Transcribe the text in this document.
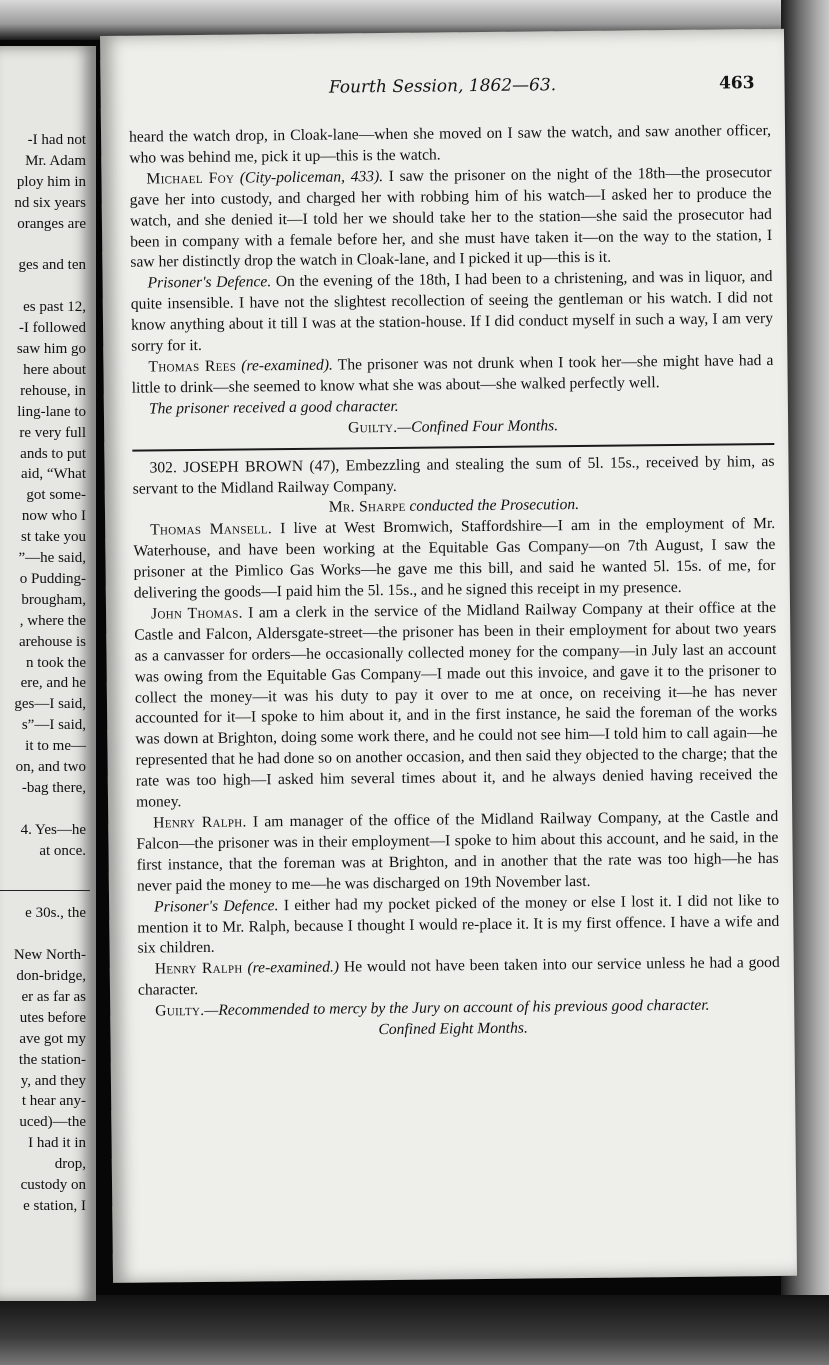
-I had not
Mr. Adam
ploy him in
nd six years
oranges are
ges and ten
es past 12,
-I followed
saw him go
here about
rehouse, in
ling-lane to
re very full
ands to put
aid, “What
got some-
now who I
st take you
”—he said,
o Pudding-
brougham,
, where the
arehouse is
n took the
ere, and he
ges—I said,
s”—I said,
it to me—
on, and two
-bag there,
4. Yes—he
at once.
e 30s., the
New North-
don-bridge,
er as far as
utes before
ave got my
the station-
y, and they
t hear any-
uced)—the
I had it in
drop,
custody on
e station, I
Fourth Session, 1862—63.	463

heard the watch drop, in Cloak-lane—when she moved on I saw the watch, and saw another officer, who was behind me, pick it up—this is the watch.

Michael Foy (City-policeman, 433). I saw the prisoner on the night of the 18th—the prosecutor gave her into custody, and charged her with robbing him of his watch—I asked her to produce the watch, and she denied it—I told her we should take her to the station—she said the prosecutor had been in company with a female before her, and she must have taken it—on the way to the station, I saw her distinctly drop the watch in Cloak-lane, and I picked it up—this is it.

Prisoner's Defence. On the evening of the 18th, I had been to a christening, and was in liquor, and quite insensible. I have not the slightest recollection of seeing the gentleman or his watch. I did not know anything about it till I was at the station-house. If I did conduct myself in such a way, I am very sorry for it.

Thomas Rees (re-examined). The prisoner was not drunk when I took her—she might have had a little to drink—she seemed to know what she was about—she walked perfectly well.

The prisoner received a good character.

Guilty.—Confined Four Months.

302. JOSEPH BROWN (47), Embezzling and stealing the sum of 5l. 15s., received by him, as servant to the Midland Railway Company.

Mr. Sharpe conducted the Prosecution.

Thomas Mansell. I live at West Bromwich, Staffordshire—I am in the employment of Mr. Waterhouse, and have been working at the Equitable Gas Company—on 7th August, I saw the prisoner at the Pimlico Gas Works—he gave me this bill, and said he wanted 5l. 15s. of me, for delivering the goods—I paid him the 5l. 15s., and he signed this receipt in my presence.

John Thomas. I am a clerk in the service of the Midland Railway Company at their office at the Castle and Falcon, Aldersgate-street—the prisoner has been in their employment for about two years as a canvasser for orders—he occasionally collected money for the company—in July last an account was owing from the Equitable Gas Company—I made out this invoice, and gave it to the prisoner to collect the money—it was his duty to pay it over to me at once, on receiving it—he has never accounted for it—I spoke to him about it, and in the first instance, he said the foreman of the works was down at Brighton, doing some work there, and he could not see him—I told him to call again—he represented that he had done so on another occasion, and then said they objected to the charge; that the rate was too high—I asked him several times about it, and he always denied having received the money.

Henry Ralph. I am manager of the office of the Midland Railway Company, at the Castle and Falcon—the prisoner was in their employment—I spoke to him about this account, and he said, in the first instance, that the foreman was at Brighton, and in another that the rate was too high—he has never paid the money to me—he was discharged on 19th November last.

Prisoner's Defence. I either had my pocket picked of the money or else I lost it. I did not like to mention it to Mr. Ralph, because I thought I would re-place it. It is my first offence. I have a wife and six children.

Henry Ralph (re-examined.) He would not have been taken into our service unless he had a good character.

Guilty.—Recommended to mercy by the Jury on account of his previous good character.

Confined Eight Months.
